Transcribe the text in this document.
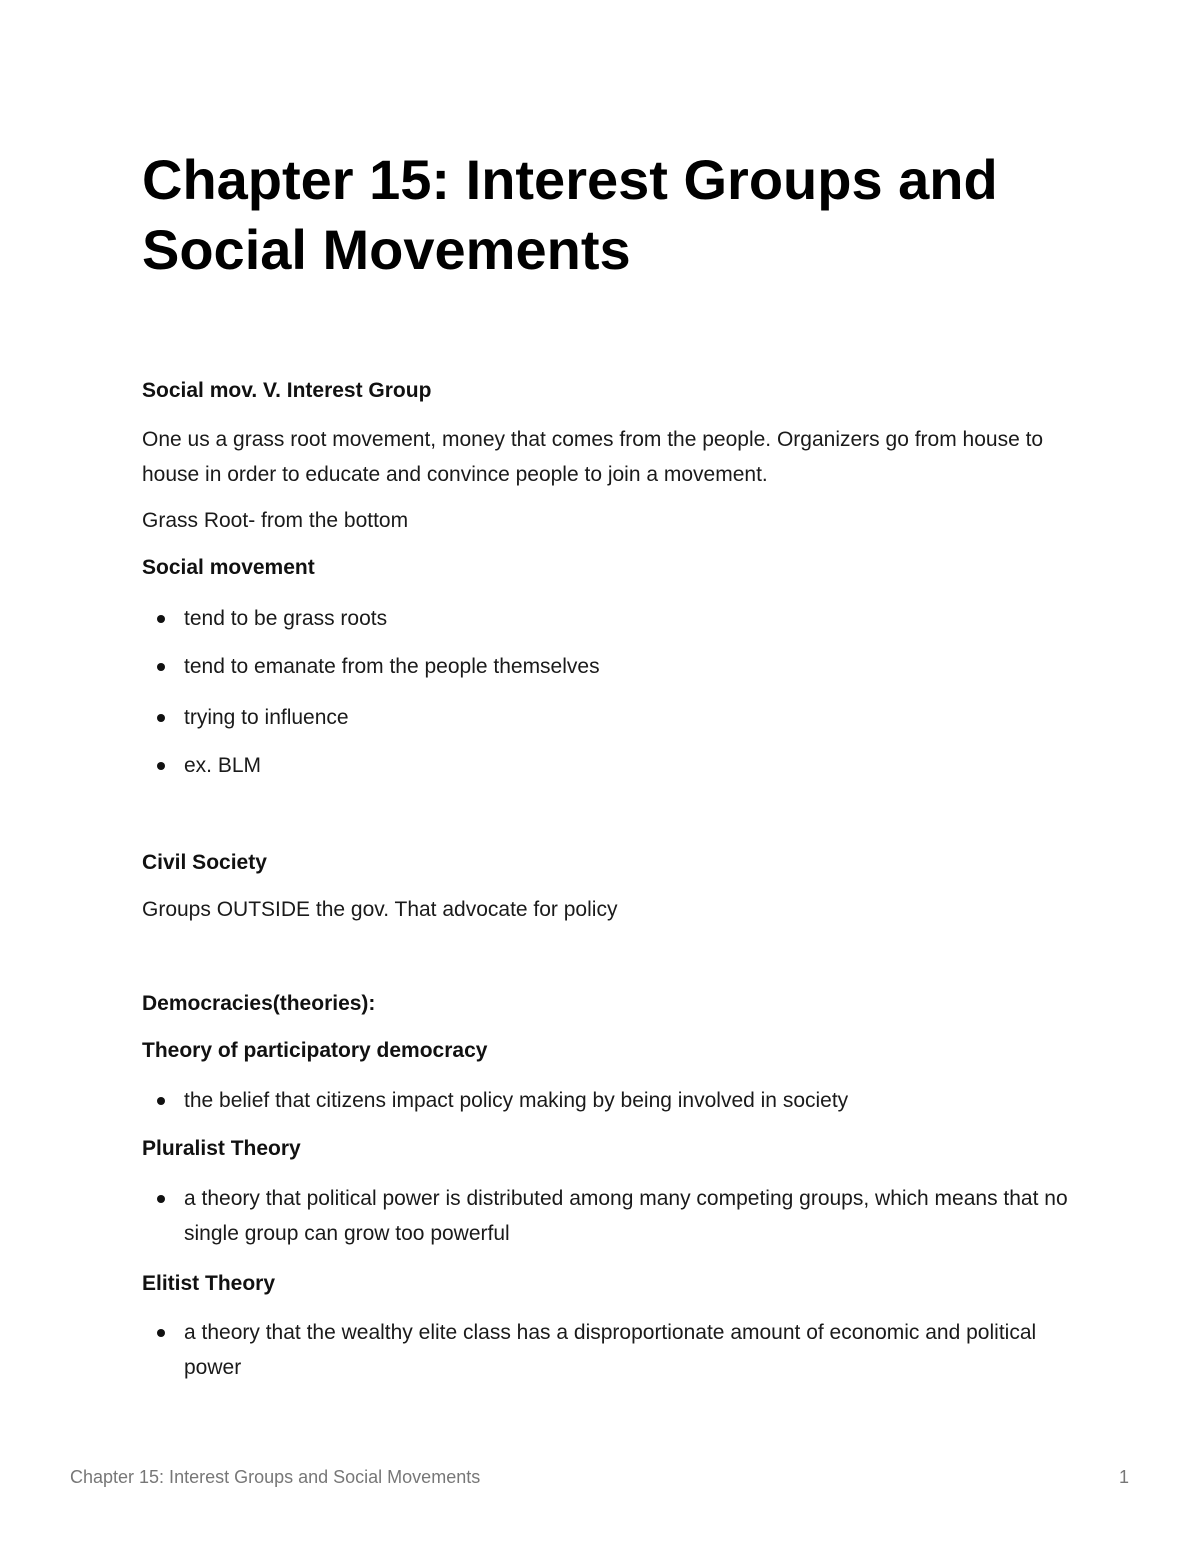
Chapter 15: Interest Groups and Social Movements

Social mov. V. Interest Group

One us a grass root movement, money that comes from the people. Organizers go from house to house in order to educate and convince people to join a movement.

Grass Root- from the bottom

Social movement

tend to be grass roots
tend to emanate from the people themselves
trying to influence
ex. BLM

Civil Society

Groups OUTSIDE the gov. That advocate for policy

Democracies(theories):

Theory of participatory democracy

the belief that citizens impact policy making by being involved in society

Pluralist Theory

a theory that political power is distributed among many competing groups, which means that no single group can grow too powerful

Elitist Theory

a theory that the wealthy elite class has a disproportionate amount of economic and political power
Chapter 15: Interest Groups and Social Movements	1
